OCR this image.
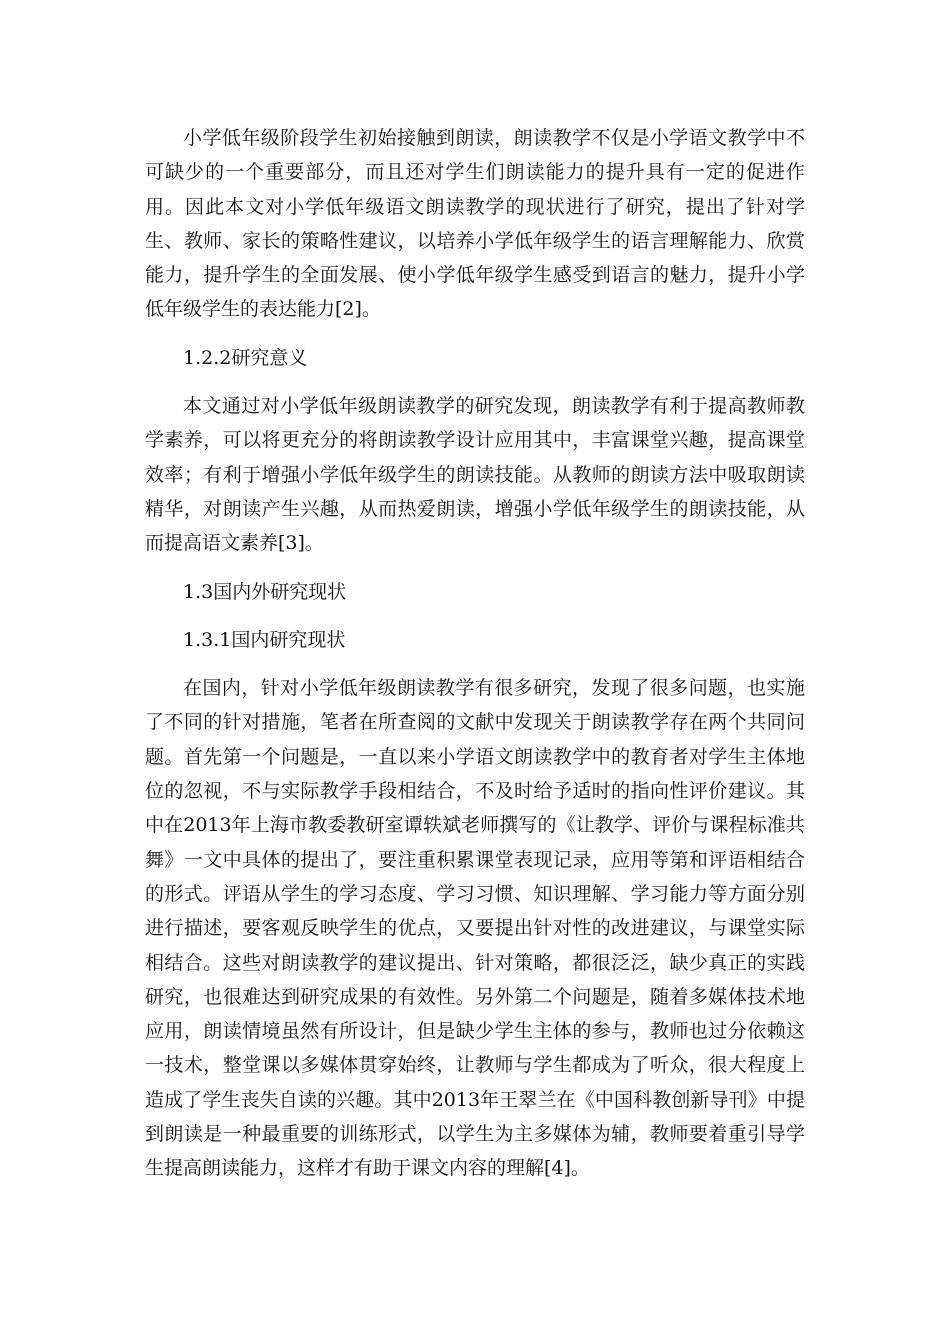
小学低年级阶段学生初始接触到朗读，朗读教学不仅是小学语文教学中不可缺少的一个重要部分，而且还对学生们朗读能力的提升具有一定的促进作用。因此本文对小学低年级语文朗读教学的现状进行了研究，提出了针对学生、教师、家长的策略性建议，以培养小学低年级学生的语言理解能力、欣赏能力，提升学生的全面发展、使小学低年级学生感受到语言的魅力，提升小学低年级学生的表达能力[2]。

1.2.2研究意义

本文通过对小学低年级朗读教学的研究发现，朗读教学有利于提高教师教学素养，可以将更充分的将朗读教学设计应用其中，丰富课堂兴趣，提高课堂效率；有利于增强小学低年级学生的朗读技能。从教师的朗读方法中吸取朗读精华，对朗读产生兴趣，从而热爱朗读，增强小学低年级学生的朗读技能，从而提高语文素养[3]。

1.3国内外研究现状

1.3.1国内研究现状

在国内，针对小学低年级朗读教学有很多研究，发现了很多问题，也实施了不同的针对措施，笔者在所查阅的文献中发现关于朗读教学存在两个共同问题。首先第一个问题是，一直以来小学语文朗读教学中的教育者对学生主体地位的忽视，不与实际教学手段相结合，不及时给予适时的指向性评价建议。其中在2013年上海市教委教研室谭轶斌老师撰写的《让教学、评价与课程标准共舞》一文中具体的提出了，要注重积累课堂表现记录，应用等第和评语相结合的形式。评语从学生的学习态度、学习习惯、知识理解、学习能力等方面分别进行描述，要客观反映学生的优点，又要提出针对性的改进建议，与课堂实际相结合。这些对朗读教学的建议提出、针对策略，都很泛泛，缺少真正的实践研究，也很难达到研究成果的有效性。另外第二个问题是，随着多媒体技术地应用，朗读情境虽然有所设计，但是缺少学生主体的参与，教师也过分依赖这一技术，整堂课以多媒体贯穿始终，让教师与学生都成为了听众，很大程度上造成了学生丧失自读的兴趣。其中2013年王翠兰在《中国科教创新导刊》中提到朗读是一种最重要的训练形式，以学生为主多媒体为辅，教师要着重引导学生提高朗读能力，这样才有助于课文内容的理解[4]。
